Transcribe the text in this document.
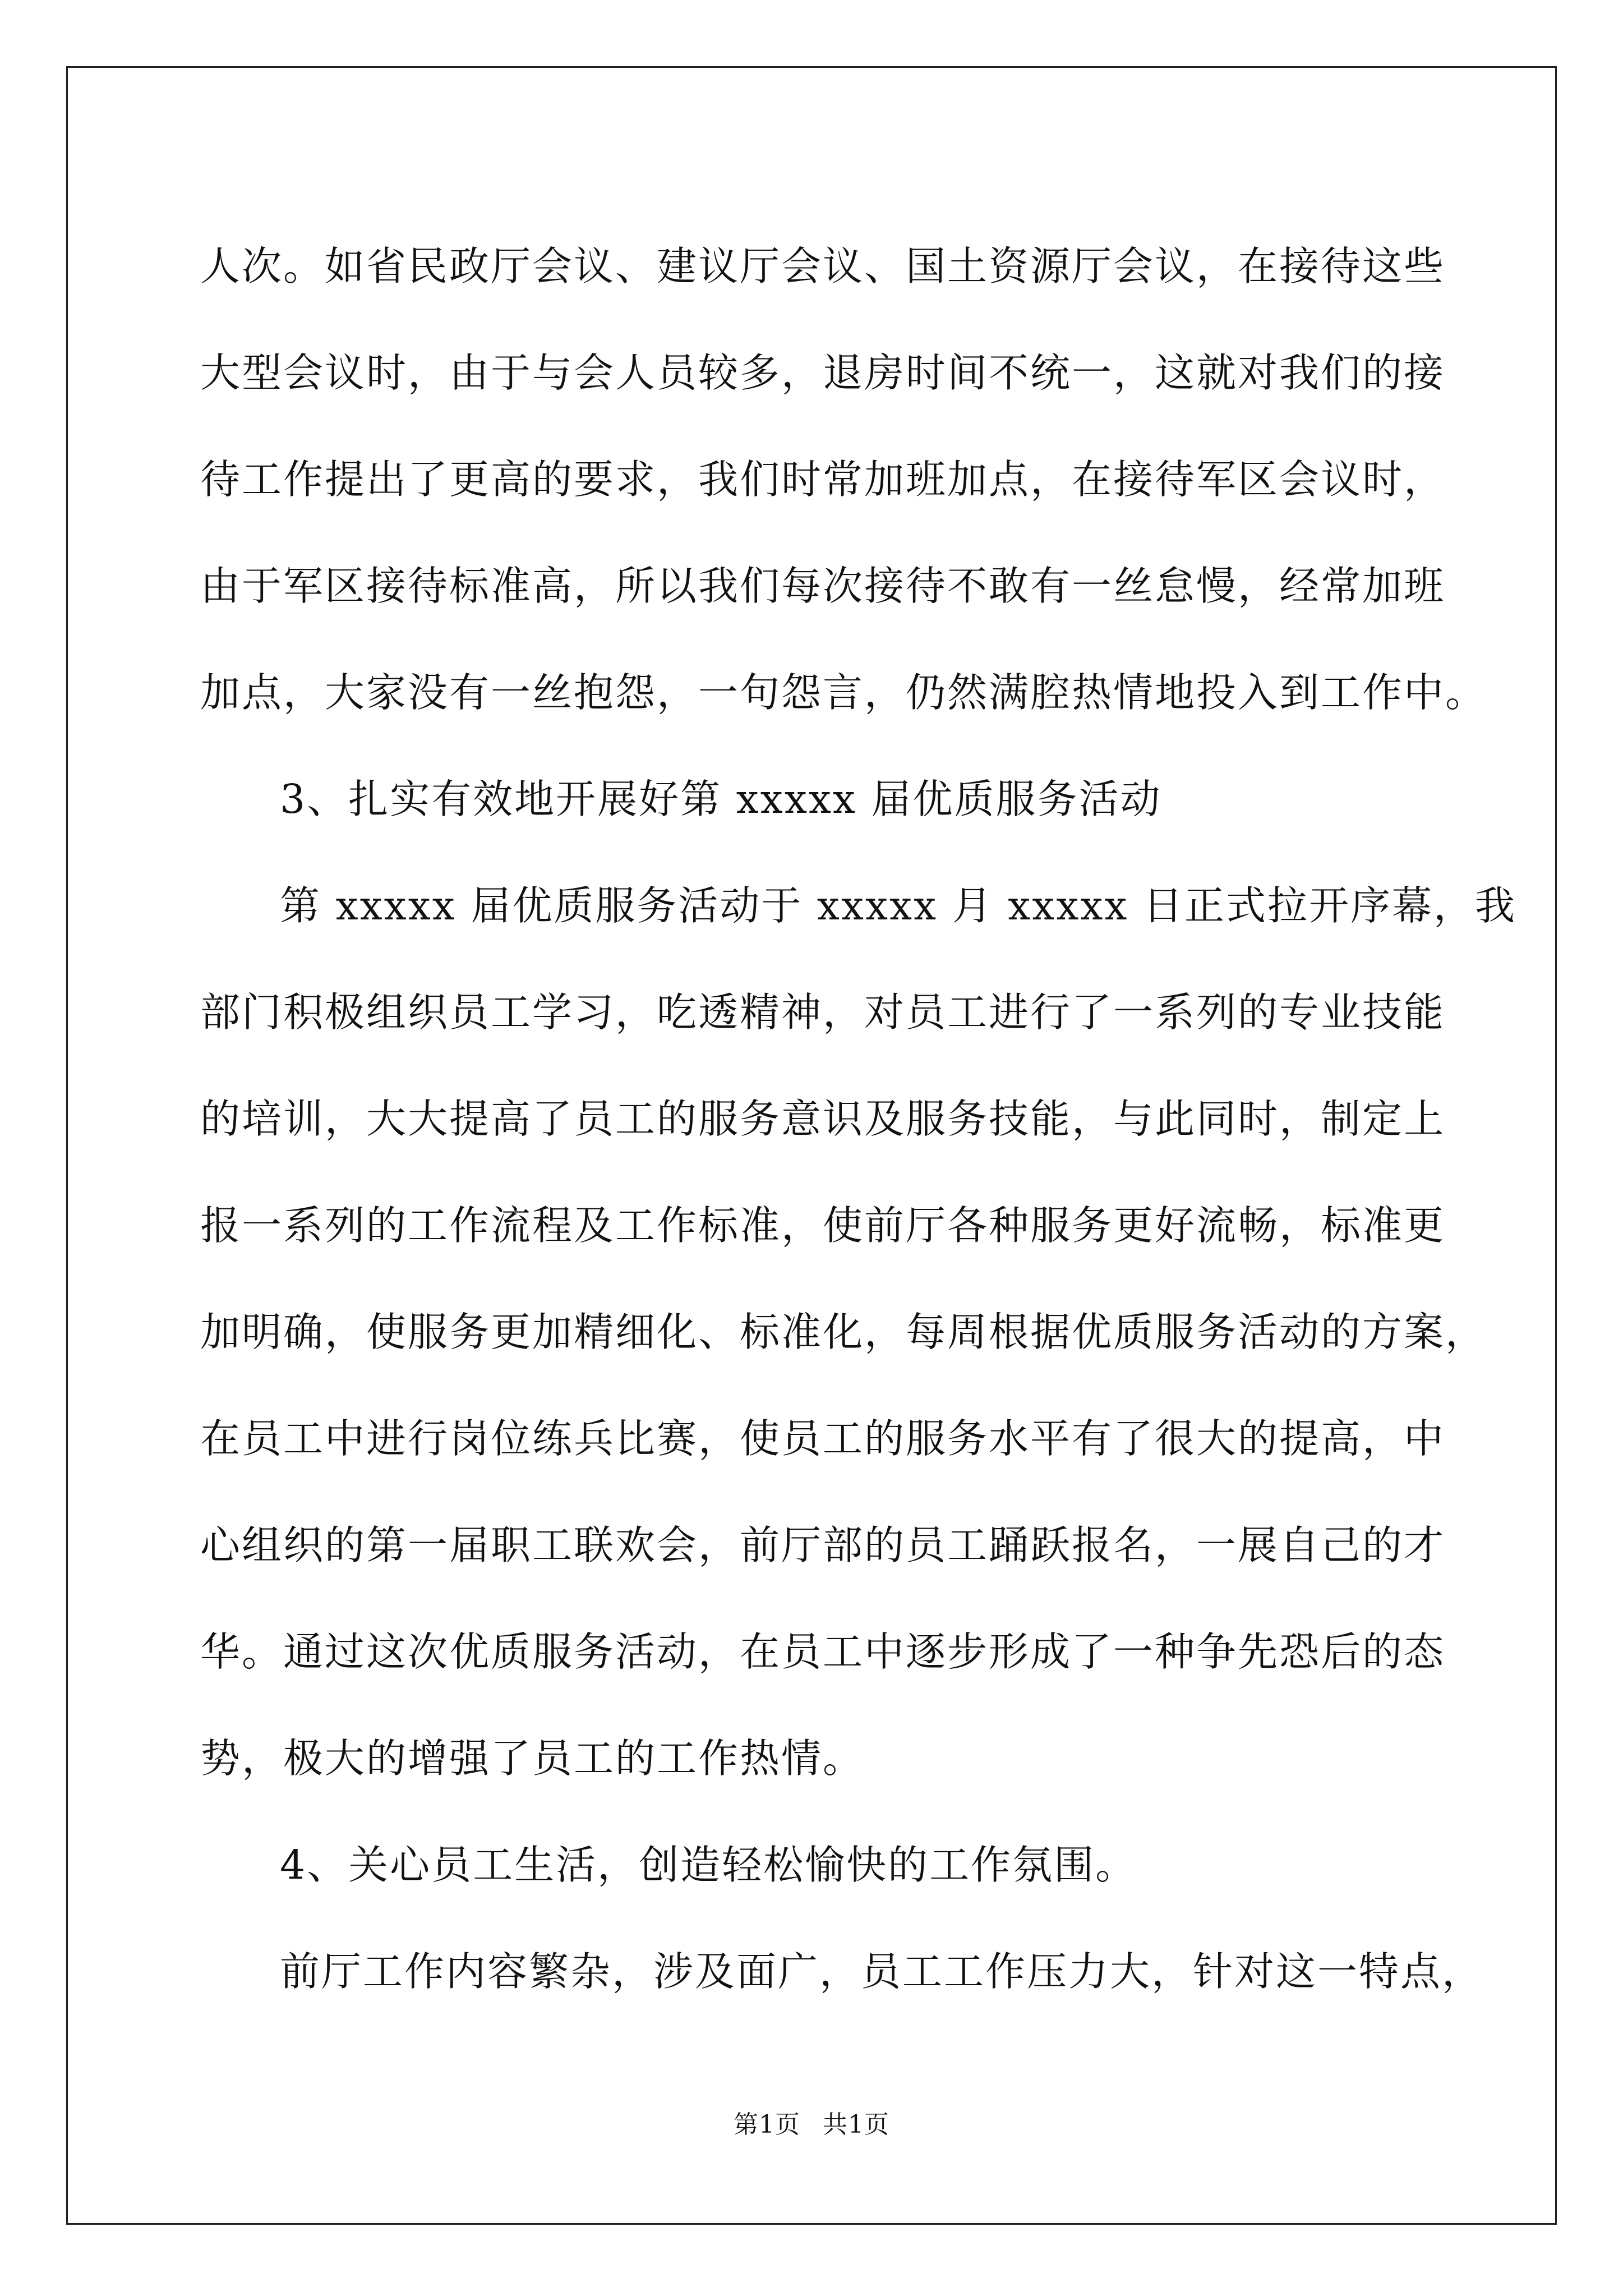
人次。如省民政厅会议、建议厅会议、国土资源厅会议，在接待这些
大型会议时，由于与会人员较多，退房时间不统一，这就对我们的接
待工作提出了更高的要求，我们时常加班加点，在接待军区会议时，
由于军区接待标准高，所以我们每次接待不敢有一丝怠慢，经常加班
加点，大家没有一丝抱怨，一句怨言，仍然满腔热情地投入到工作中。
3、扎实有效地开展好第 xxxxx 届优质服务活动
第 xxxxx 届优质服务活动于 xxxxx 月 xxxxx 日正式拉开序幕，我
部门积极组织员工学习，吃透精神，对员工进行了一系列的专业技能
的培训，大大提高了员工的服务意识及服务技能，与此同时，制定上
报一系列的工作流程及工作标准，使前厅各种服务更好流畅，标准更
加明确，使服务更加精细化、标准化，每周根据优质服务活动的方案，
在员工中进行岗位练兵比赛，使员工的服务水平有了很大的提高，中
心组织的第一届职工联欢会，前厅部的员工踊跃报名，一展自己的才
华。通过这次优质服务活动，在员工中逐步形成了一种争先恐后的态
势，极大的增强了员工的工作热情。
4、关心员工生活，创造轻松愉快的工作氛围。
前厅工作内容繁杂，涉及面广，员工工作压力大，针对这一特点，
第1页 共1页
